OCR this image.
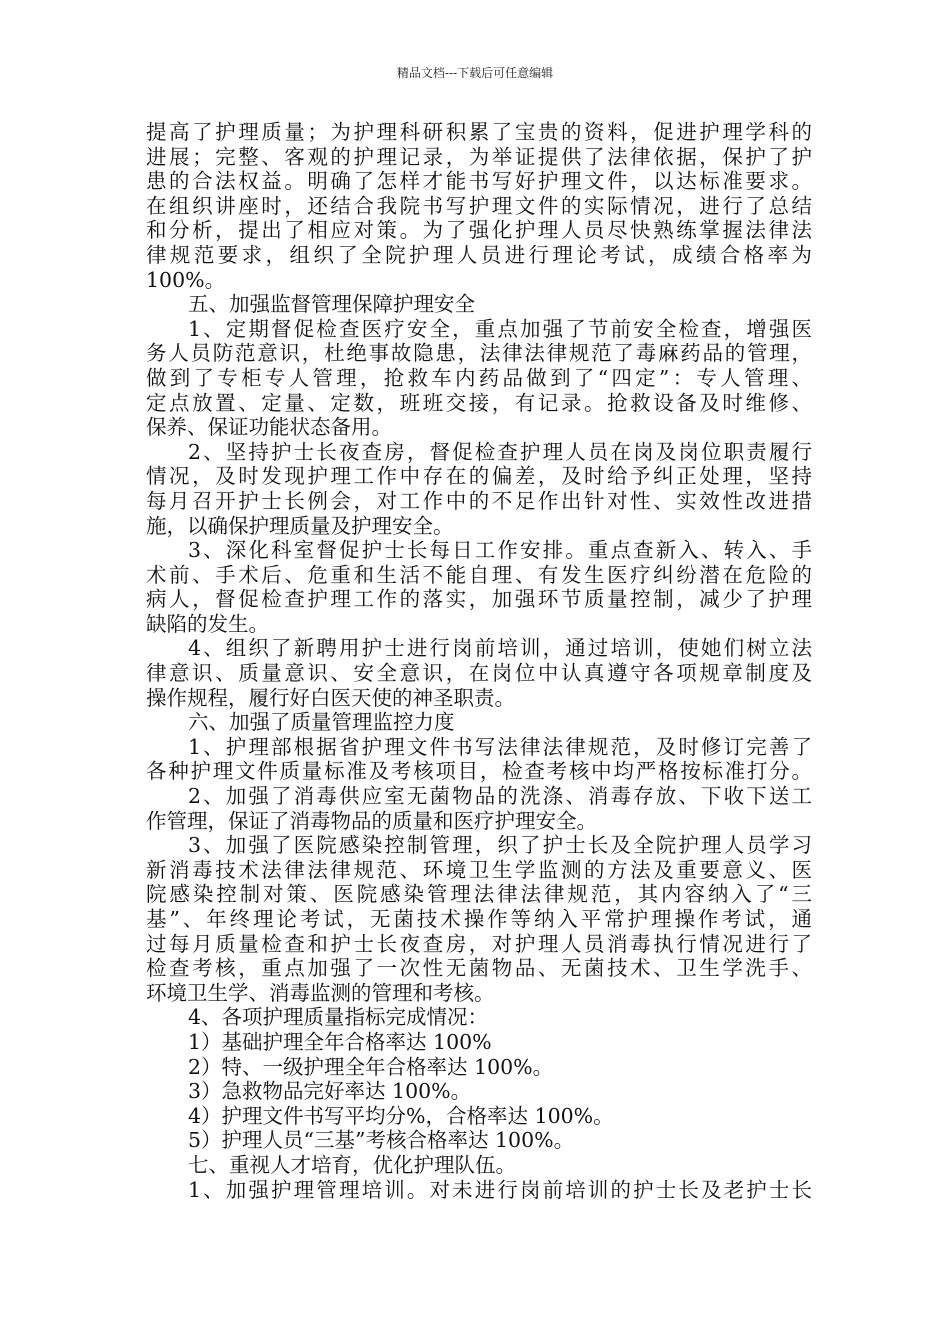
精品文档---下载后可任意编辑
提高了护理质量；为护理科研积累了宝贵的资料，促进护理学科的
进展；完整、客观的护理记录，为举证提供了法律依据，保护了护
患的合法权益。明确了怎样才能书写好护理文件，以达标准要求。
在组织讲座时，还结合我院书写护理文件的实际情况，进行了总结
和分析，提出了相应对策。为了强化护理人员尽快熟练掌握法律法
律规范要求，组织了全院护理人员进行理论考试，成绩合格率为
100%。
五、加强监督管理保障护理安全
1、定期督促检查医疗安全，重点加强了节前安全检查，增强医
务人员防范意识，杜绝事故隐患，法律法律规范了毒麻药品的管理，
做到了专柜专人管理，抢救车内药品做到了“四定”：专人管理、
定点放置、定量、定数，班班交接，有记录。抢救设备及时维修、
保养、保证功能状态备用。
2、坚持护士长夜查房，督促检查护理人员在岗及岗位职责履行
情况，及时发现护理工作中存在的偏差，及时给予纠正处理，坚持
每月召开护士长例会，对工作中的不足作出针对性、实效性改进措
施，以确保护理质量及护理安全。
3、深化科室督促护士长每日工作安排。重点查新入、转入、手
术前、手术后、危重和生活不能自理、有发生医疗纠纷潜在危险的
病人，督促检查护理工作的落实，加强环节质量控制，减少了护理
缺陷的发生。
4、组织了新聘用护士进行岗前培训，通过培训，使她们树立法
律意识、质量意识、安全意识，在岗位中认真遵守各项规章制度及
操作规程，履行好白医天使的神圣职责。
六、加强了质量管理监控力度
1、护理部根据省护理文件书写法律法律规范，及时修订完善了
各种护理文件质量标准及考核项目，检查考核中均严格按标准打分。
2、加强了消毒供应室无菌物品的洗涤、消毒存放、下收下送工
作管理，保证了消毒物品的质量和医疗护理安全。
3、加强了医院感染控制管理，织了护士长及全院护理人员学习
新消毒技术法律法律规范、环境卫生学监测的方法及重要意义、医
院感染控制对策、医院感染管理法律法律规范，其内容纳入了“三
基”、年终理论考试，无菌技术操作等纳入平常护理操作考试，通
过每月质量检查和护士长夜查房，对护理人员消毒执行情况进行了
检查考核，重点加强了一次性无菌物品、无菌技术、卫生学洗手、
环境卫生学、消毒监测的管理和考核。
4、各项护理质量指标完成情况：
1）基础护理全年合格率达 100%
2）特、一级护理全年合格率达 100%。
3）急救物品完好率达 100%。
4）护理文件书写平均分%，合格率达 100%。
5）护理人员“三基”考核合格率达 100%。
七、重视人才培育，优化护理队伍。
1、加强护理管理培训。对未进行岗前培训的护士长及老护士长
